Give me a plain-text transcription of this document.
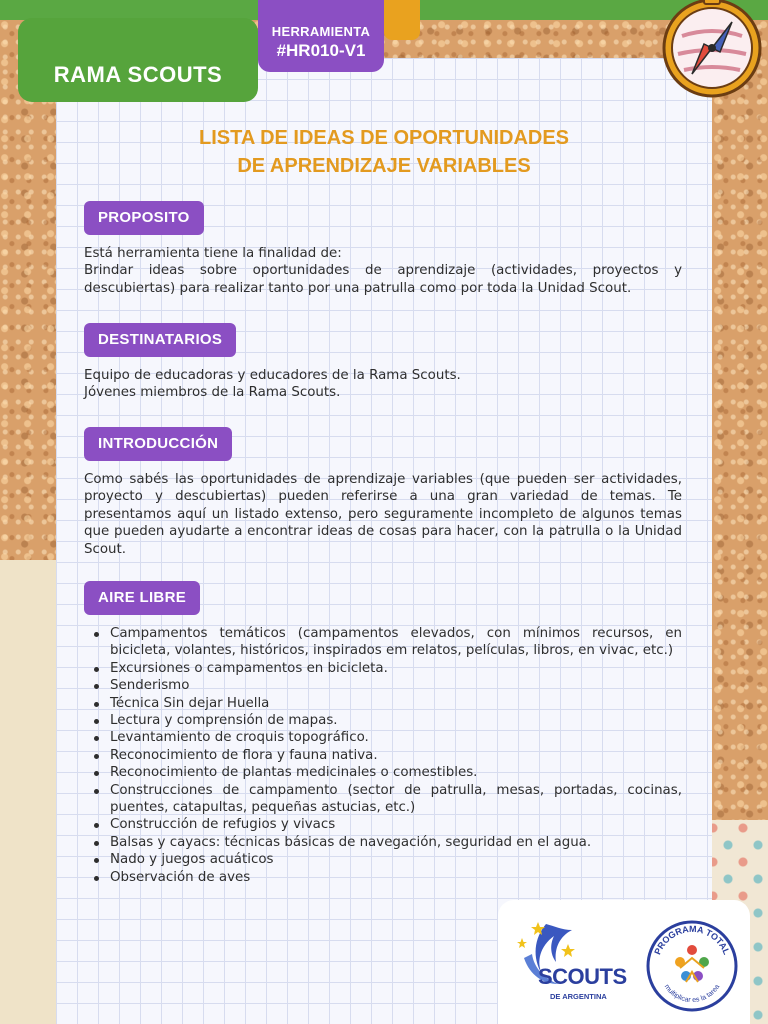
RAMA SCOUTS
HERRAMIENTA
#HR010-V1
LISTA DE IDEAS DE OPORTUNIDADES
DE APRENDIZAJE VARIABLES
PROPOSITO
Está herramienta tiene la finalidad de:
Brindar ideas sobre oportunidades de aprendizaje (actividades, proyectos y descubiertas) para realizar tanto por una patrulla como por toda la Unidad Scout.
DESTINATARIOS
Equipo de educadoras y educadores de la Rama Scouts.
Jóvenes miembros de la Rama Scouts.
INTRODUCCIÓN
Como sabés las oportunidades de aprendizaje variables (que pueden ser actividades, proyecto y descubiertas) pueden referirse a una gran variedad de temas. Te presentamos aquí un listado extenso, pero seguramente incompleto de algunos temas que pueden ayudarte a encontrar ideas de cosas para hacer, con la patrulla o la Unidad Scout.
AIRE LIBRE
Campamentos temáticos (campamentos elevados, con mínimos recursos, en bicicleta, volantes, históricos, inspirados em relatos, películas, libros, en vivac, etc.)
Excursiones o campamentos en bicicleta.
Senderismo
Técnica Sin dejar Huella
Lectura y comprensión de mapas.
Levantamiento de croquis topográfico.
Reconocimiento de flora y fauna nativa.
Reconocimiento de plantas medicinales o comestibles.
Construcciones de campamento (sector de patrulla, mesas, portadas, cocinas, puentes, catapultas, pequeñas astucias, etc.)
Construcción de refugios y vivacs
Balsas y cayacs: técnicas básicas de navegación, seguridad en el agua.
Nado y juegos acuáticos
Observación de aves
SCOUTS
DE ARGENTINA
PROGRAMA TOTAL
multiplicar es la tarea
